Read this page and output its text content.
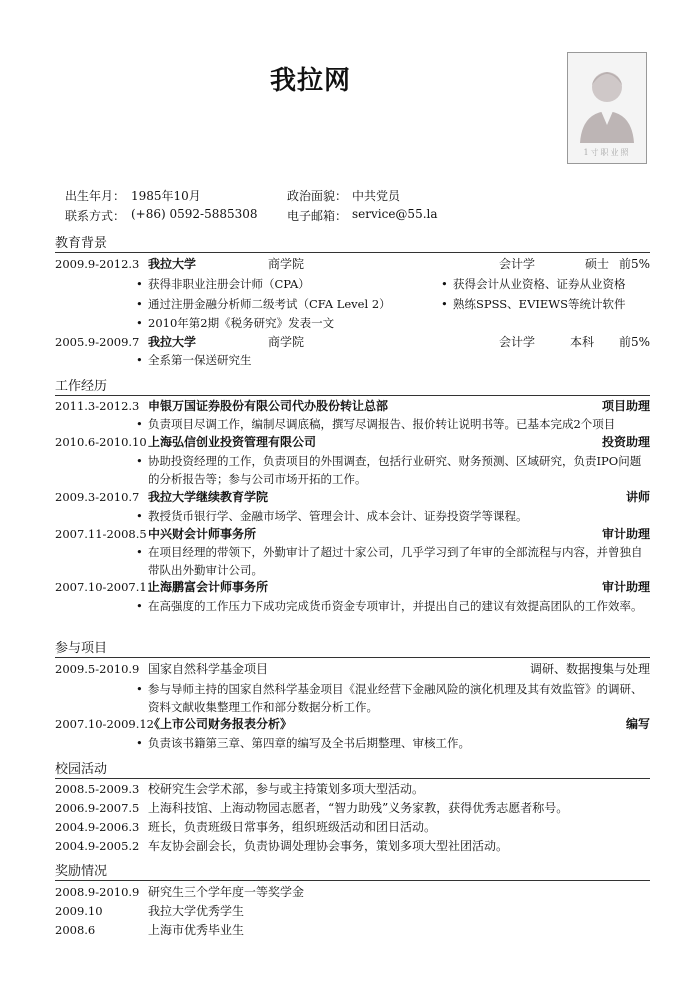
我拉网
1寸职业照
出生年月： 1985年10月	政治面貌： 中共党员
联系方式： (+86) 0592-5885308 电子邮箱： service@55.la
教育背景
2009.9-2012.3 我拉大学	商学院	会计学	硕士 前5%
• 获得非职业注册会计师（CPA）
• 通过注册金融分析师二级考试（CFA Level 2）
• 2010年第2期《税务研究》发表一文
• 获得会计从业资格、证券从业资格
• 熟练SPSS、EVIEWS等统计软件
2005.9-2009.7 我拉大学	商学院	会计学	本科 前5%
• 全系第一保送研究生
工作经历
2011.3-2012.3 申银万国证券股份有限公司代办股份转让总部	项目助理
• 负责项目尽调工作，编制尽调底稿，撰写尽调报告、报价转让说明书等。已基本完成2个项目
2010.6-2010.10 上海弘信创业投资管理有限公司	投资助理
• 协助投资经理的工作，负责项目的外围调查，包括行业研究、财务预测、区域研究，负责IPO问题的分析报告等；参与公司市场开拓的工作。
2009.3-2010.7 我拉大学继续教育学院	讲师
• 教授货币银行学、金融市场学、管理会计、成本会计、证券投资学等课程。
2007.11-2008.5 中兴财会计师事务所	审计助理
• 在项目经理的带领下，外勤审计了超过十家公司，几乎学习到了年审的全部流程与内容，并曾独自带队出外勤审计公司。
2007.10-2007.11
上海鹏富会计师事务所	审计助理
• 在高强度的工作压力下成功完成货币资金专项审计，并提出自己的建议有效提高团队的工作效率。
参与项目
2009.5-2010.9 国家自然科学基金项目	调研、数据搜集与处理
• 参与导师主持的国家自然科学基金项目《混业经营下金融风险的演化机理及其有效监管》的调研、资料文献收集整理工作和部分数据分析工作。
2007.10-2009.12
《上市公司财务报表分析》	编写
• 负责该书籍第三章、第四章的编写及全书后期整理、审核工作。
校园活动
2008.5-2009.3 校研究生会学术部，参与或主持策划多项大型活动。
2006.9-2007.5 上海科技馆、上海动物园志愿者，“智力助残”义务家教，获得优秀志愿者称号。
2004.9-2006.3 班长，负责班级日常事务，组织班级活动和团日活动。
2004.9-2005.2 车友协会副会长，负责协调处理协会事务，策划多项大型社团活动。
奖励情况
2008.9-2010.9 研究生三个学年度一等奖学金
2009.10	我拉大学优秀学生
2008.6	上海市优秀毕业生
